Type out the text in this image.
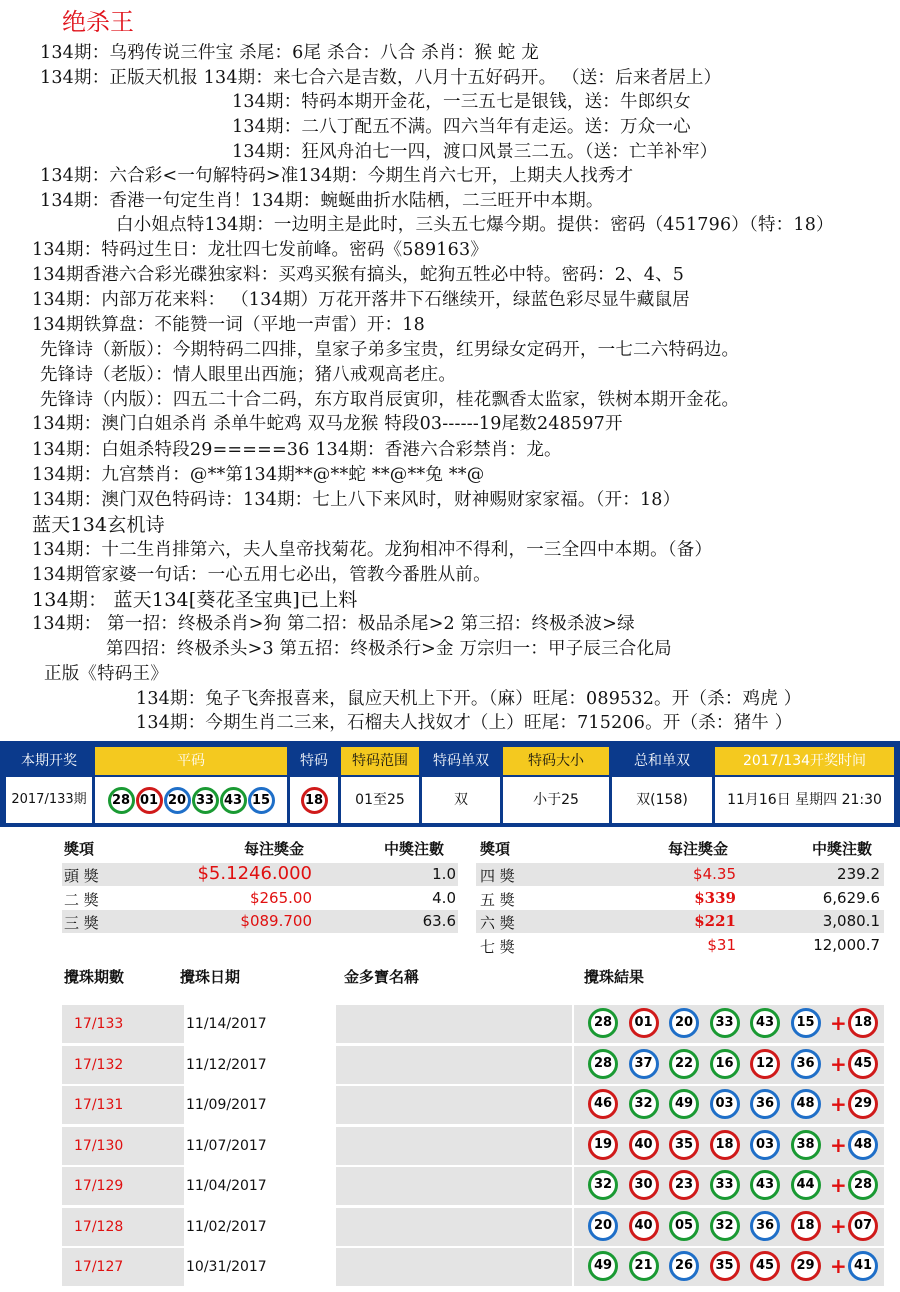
绝杀王
134期：乌鸦传说三件宝 杀尾：6尾 杀合：八合 杀肖：猴 蛇 龙
134期：正版天机报 134期：来七合六是吉数，八月十五好码开。 （送：后来者居上）
134期：特码本期开金花，一三五七是银钱，送：牛郎织女
134期：二八丁配五不满。四六当年有走运。送：万众一心
134期：狂风舟泊七一四，渡口风景三二五。（送：亡羊补牢）
134期：六合彩<一句解特码>准134期：今期生肖六七开，上期夫人找秀才
134期：香港一句定生肖！134期：蜿蜒曲折水陆栖，二三旺开中本期。
白小姐点特134期：一边明主是此时，三头五七爆今期。提供：密码（451796）（特：18）
134期：特码过生日：龙壮四七发前峰。密码《589163》
134期香港六合彩光碟独家料：买鸡买猴有搞头，蛇狗五牲必中特。密码：2、4、5
134期：内部万花来料： （134期）万花开落井下石继续开，绿蓝色彩尽显牛藏鼠居
134期铁算盘：不能赞一词（平地一声雷）开：18
先锋诗（新版）：今期特码二四排，皇家子弟多宝贵，红男绿女定码开，一七二六特码边。
先锋诗（老版）：情人眼里出西施；猪八戒观高老庄。
先锋诗（内版）：四五二十合二码，东方取肖辰寅卯，桂花飘香太监家，铁树本期开金花。
134期：澳门白姐杀肖 杀单牛蛇鸡 双马龙猴 特段03------19尾数248597开
134期：白姐杀特段29=====36 134期：香港六合彩禁肖：龙。
134期：九宫禁肖：@**第134期**@**蛇 **@**兔 **@
134期：澳门双色特码诗：134期：七上八下来风时，财神赐财家家福。（开：18）
蓝天134玄机诗
134期：十二生肖排第六，夫人皇帝找菊花。龙狗相冲不得利，一三全四中本期。（备）
134期管家婆一句话：一心五用七必出，管教今番胜从前。
134期： 蓝天134[葵花圣宝典]已上料
134期： 第一招：终极杀肖>狗 第二招：极品杀尾>2 第三招：终极杀波>绿
第四招：终极杀头>3 第五招：终极杀行>金 万宗归一：甲子辰三合化局
正版《特码王》
134期：兔子飞奔报喜来，鼠应天机上下开。（麻）旺尾：089532。开（杀：鸡虎 ）
134期：今期生肖二三来，石榴夫人找奴才（上）旺尾：715206。开（杀：猪牛 ）
本期开奖	平码	特码	特码范围	特码单双	特码大小	总和单双	2017/134开奖时间
2017/133期	28 01 20 33 43 15	18	01至25	双	小于25	双(158)	11月16日 星期四 21:30
獎項	每注獎金	中獎注數 獎項	每注獎金	中獎注數
頭 獎	$5.1246.000	1.0
二 獎	$265.00	4.0
三 獎	$089.700	63.6
四 獎	$4.35	239.2
五 獎	$339	6,629.6
六 獎	$221	3,080.1
七 獎	$31	12,000.7
攪珠期數	攪珠日期	金多寶名稱	攪珠結果
17/133	11/14/2017	28	01	20	33	43	15 + 18
17/132	11/12/2017	28	37	22	16	12	36 + 45
17/131	11/09/2017	46	32	49	03	36	48 + 29
17/130	11/07/2017	19	40	35	18	03	38 + 48
17/129	11/04/2017	32	30	23	33	43	44 + 28
17/128	11/02/2017	20	40	05	32	36	18 + 07
17/127	10/31/2017	49	21	26	35	45	29 + 41
